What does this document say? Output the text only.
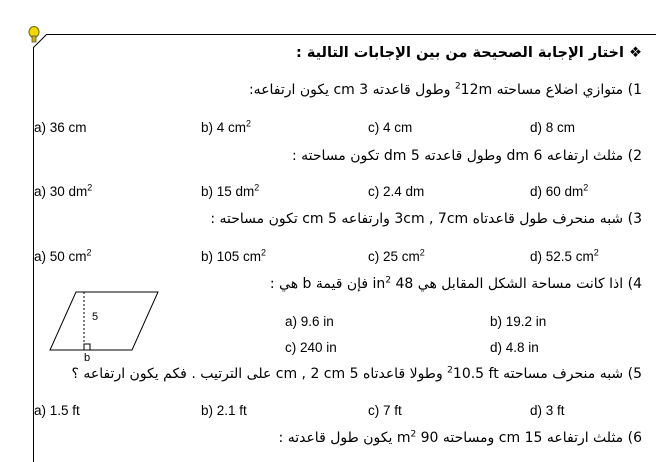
❖ اختار الإجابة الصحيحة من بين الإجابات التالية :
1) متوازي اضلاع مساحته $12m^2$ وطول قاعدته 3 cm يكون ارتفاعه:
a) 36 cm	b) 4 $cm^2$	c) 4 cm	d) 8 cm
2) مثلث ارتفاعه 6 dm وطول قاعدته 5 dm تكون مساحته :
a) 30 $dm^2$	b) 15 $dm^2$	c) 2.4 dm	d) 60 $dm^2$
3) شبه منحرف طول قاعدتاه 3cm , 7cm وارتفاعه 5 cm تكون مساحته :
a) 50 $cm^2$	b) 105 $cm^2$	c) 25 $cm^2$	d) 52.5 $cm^2$
4) اذا كانت مساحة الشكل المقابل هي 48 $in^2$ فإن قيمة b هي :
5
b
a) 9.6 in	b) 19.2 in
c) 240 in	d) 4.8 in
5) شبه منحرف مساحته 10.5 $ft^2$ وطولا قاعدتاه 5 cm , 2 cm على الترتيب . فكم يكون ارتفاعه ؟
a) 1.5 ft	b) 2.1 ft	c) 7 ft	d) 3 ft
6) مثلث ارتفاعه 15 cm ومساحته 90 $m^2$ يكون طول قاعدته :
